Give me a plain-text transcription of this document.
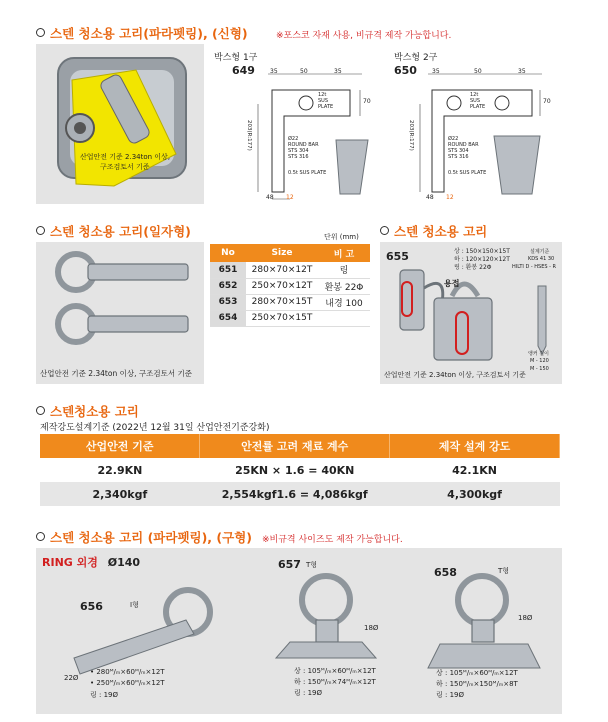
스텐 청소용 고리(파라펫링), (신형)	※포스코 자재 사용, 비규격 제작 가능합니다.
산업안전 기준 2.34ton 이상,
구조검토서 기준
박스형 1구
649	35	50	35
70
203(R:177)
12t
SUS
PLATE
Ø22
ROUND BAR
STS 304
STS 316
0.5t SUS PLATE
48 12
박스형 2구
650	35	50	35
70
203(R:177)
12t
SUS
PLATE
Ø22
ROUND BAR
STS 304
STS 316
0.5t SUS PLATE
48 12
스텐 청소용 고리(일자형)
산업안전 기준 2.34ton 이상, 구조검토서 기준
단위 (mm)
No	Size	비 고
651	280×70×12T	링
652	250×70×12T	환봉 22Φ
653	280×70×15T	내경 100
654	250×70×15T	
스텐 청소용 고리
655	상 : 150×150×15T
하 : 120×120×12T
링 : 환봉 22Φ
용접
설계기준
KDS 41 30
HILTI D - HSES - R
앵커 길이
M - 120
M - 150
산업안전 기준 2.34ton 이상, 구조검토서 기준
스텐청소용 고리
제작강도설계기준 (2022년 12월 31일 산업안전기준강화)
산업안전 기준	안전률 고려 재료 계수	제작 설계 강도
22.9KN	25KN × 1.6 = 40KN	42.1KN
2,340kgf	2,554kgf1.6 = 4,086kgf	4,300kgf
스텐 청소용 고리 (파라펫링), (구형) ※비규격 사이즈도 제작 가능합니다.
RING 외경 Ø140
656	I형
22Ø
• 280ᴹ/ₘ×60ᴹ/ₘ×12T
• 250ᴹ/ₘ×60ᴹ/ₘ×12T
링 : 19Ø
657 T형
18Ø
상 : 105ᴹ/ₘ×60ᴹ/ₘ×12T
하 : 150ᴹ/ₘ×74ᴹ/ₘ×12T
링 : 19Ø
658	T형
18Ø
상 : 105ᴹ/ₘ×60ᴹ/ₘ×12T
하 : 150ᴹ/ₘ×150ᴹ/ₘ×8T
링 : 19Ø
